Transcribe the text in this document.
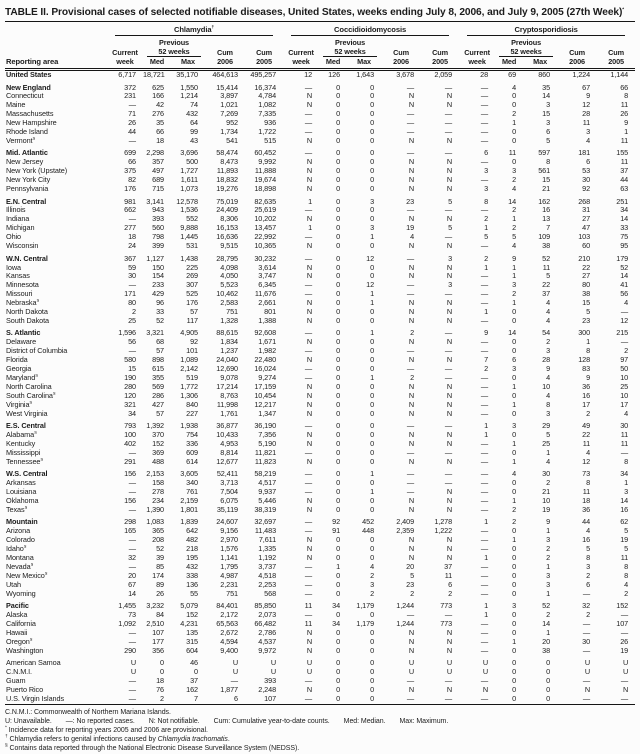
TABLE II. Provisional cases of selected notifiable diseases, United States, weeks ending July 8, 2006, and July 9, 2005 (27th Week)*

	Chlamydia†					Coccidioidomycosis					Cryptosporidiosis				

		Previous					Previous					Previous			
	Current	52 weeks		Cum	Cum	Current	52 weeks		Cum	Cum	Current	52 weeks		Cum	Cum
Reporting area	week	Med	Max	2006	2005	week	Med	Max	2006	2005	week	Med	Max	2006	2005
United States	6,717	18,721	35,170	464,613	495,257	12	126	1,643	3,678	2,059	28	69	860	1,224	1,144

New England	372	625	1,550	15,414	16,374	—	0	0	—	—	—	4	35	67	66
Connecticut	231	166	1,214	3,897	4,784	N	0	0	N	N	—	0	14	9	8
Maine	—	42	74	1,021	1,082	N	0	0	N	N	—	0	3	12	11
Massachusetts	71	276	432	7,269	7,335	—	0	0	—	—	—	2	15	28	26
New Hampshire	26	35	64	952	936	—	0	0	—	—	—	1	3	11	9
Rhode Island	44	66	99	1,734	1,722	—	0	0	—	—	—	0	6	3	1
Vermont§	—	18	43	541	515	N	0	0	N	N	—	0	5	4	11

Mid. Atlantic	699	2,298	3,696	58,474	60,452	—	0	0	—	—	6	11	597	181	155
New Jersey	66	357	500	8,473	9,992	N	0	0	N	N	—	0	8	6	11
New York (Upstate)	375	497	1,727	11,893	11,888	N	0	0	N	N	3	3	561	53	37
New York City	82	689	1,611	18,832	19,674	N	0	0	N	N	—	2	15	30	44
Pennsylvania	176	715	1,073	19,276	18,898	N	0	0	N	N	3	4	21	92	63

E.N. Central	981	3,141	12,578	75,019	82,635	1	0	3	23	5	8	14	162	268	251
Illinois	662	943	1,536	24,409	25,619	—	0	0	—	—	—	2	16	31	34
Indiana	—	393	552	8,306	10,202	N	0	0	N	N	2	1	13	27	14
Michigan	277	560	9,888	16,153	13,457	1	0	3	19	5	1	2	7	47	33
Ohio	18	798	1,445	16,636	22,992	—	0	1	4	—	5	5	109	103	75
Wisconsin	24	399	531	9,515	10,365	N	0	0	N	N	—	4	38	60	95

W.N. Central	367	1,127	1,438	28,795	30,232	—	0	12	—	3	2	9	52	210	179
Iowa	59	150	225	4,098	3,614	N	0	0	N	N	1	1	11	22	52
Kansas	30	154	269	4,050	3,747	N	0	0	N	N	—	1	5	27	14
Minnesota	—	233	307	5,523	6,345	—	0	12	—	3	—	3	22	80	41
Missouri	171	429	525	10,462	11,676	—	0	1	—	—	—	2	37	38	56
Nebraska§	80	96	176	2,583	2,661	N	0	1	N	N	—	1	4	15	4
North Dakota	2	33	57	751	801	N	0	0	N	N	1	0	4	5	—
South Dakota	25	52	117	1,328	1,388	N	0	0	N	N	—	0	4	23	12

S. Atlantic	1,596	3,321	4,905	88,615	92,608	—	0	1	2	—	9	14	54	300	215
Delaware	56	68	92	1,834	1,671	N	0	0	N	N	—	0	2	1	—
District of Columbia	—	57	101	1,237	1,982	—	0	0	—	—	—	0	3	8	2
Florida	580	898	1,089	24,040	22,480	N	0	0	N	N	7	6	28	128	97
Georgia	15	615	2,142	12,690	16,024	—	0	0	—	—	2	3	9	83	50
Maryland§	190	355	519	9,078	9,274	—	0	1	2	—	—	0	4	9	10
North Carolina	280	569	1,772	17,214	17,159	N	0	0	N	N	—	1	10	36	25
South Carolina§	120	286	1,306	8,763	10,454	N	0	0	N	N	—	0	4	16	10
Virginia§	321	427	840	11,998	12,217	N	0	0	N	N	—	1	8	17	17
West Virginia	34	57	227	1,761	1,347	N	0	0	N	N	—	0	3	2	4

E.S. Central	793	1,392	1,938	36,877	36,190	—	0	0	—	—	1	3	29	49	30
Alabama§	100	370	754	10,433	7,356	N	0	0	N	N	1	0	5	22	11
Kentucky	402	152	336	4,953	5,190	N	0	0	N	N	—	1	25	11	11
Mississippi	—	369	609	8,814	11,821	—	0	0	—	—	—	0	1	4	—
Tennessee§	291	488	614	12,677	11,823	N	0	0	N	N	—	1	4	12	8

W.S. Central	156	2,153	3,605	52,411	58,219	—	0	1	—	—	—	4	30	73	34
Arkansas	—	158	340	3,713	4,517	—	0	0	—	—	—	0	2	8	1
Louisiana	—	278	761	7,504	9,937	—	0	1	—	N	—	0	21	11	3
Oklahoma	156	234	2,159	6,075	5,446	N	0	0	N	N	—	1	10	18	14
Texas§	—	1,390	1,801	35,119	38,319	N	0	0	N	N	—	2	19	36	16

Mountain	298	1,083	1,839	24,607	32,697	—	92	452	2,409	1,278	1	2	9	44	62
Arizona	165	365	642	9,156	11,483	—	91	448	2,359	1,222	—	0	1	4	5
Colorado	—	208	482	2,970	7,611	N	0	0	N	N	—	1	3	16	19
Idaho§	—	52	218	1,576	1,335	N	0	0	N	N	—	0	2	5	5
Montana	32	39	195	1,141	1,192	N	0	0	N	N	1	0	2	8	11
Nevada§	—	85	432	1,795	3,737	—	1	4	20	37	—	0	1	3	8
New Mexico§	20	174	338	4,987	4,518	—	0	2	5	11	—	0	3	2	8
Utah	67	89	136	2,231	2,253	—	0	3	23	6	—	0	3	6	4
Wyoming	14	26	55	751	568	—	0	2	2	2	—	0	1	—	2

Pacific	1,455	3,232	5,079	84,401	85,850	11	34	1,179	1,244	773	1	3	52	32	152
Alaska	73	84	152	2,172	2,073	—	0	0	—	—	1	0	2	2	—
California	1,092	2,510	4,231	65,563	66,482	11	34	1,179	1,244	773	—	0	14	—	107
Hawaii	—	107	135	2,672	2,786	N	0	0	N	N	—	0	1	—	—
Oregon§	—	177	315	4,594	4,537	N	0	0	N	N	—	1	20	30	26
Washington	290	356	604	9,400	9,972	N	0	0	N	N	—	0	38	—	19

American Samoa	U	0	46	U	U	U	0	0	U	U	U	0	0	U	U
C.N.M.I.	U	0	0	U	U	U	0	0	U	U	U	0	0	U	U
Guam	—	18	37	—	393	—	0	0	—	—	—	0	0	—	—
Puerto Rico	—	76	162	1,877	2,248	N	0	0	N	N	N	0	0	N	N
U.S. Virgin Islands	—	2	7	6	107	—	0	0	—	—	—	0	0	—	—
C.N.M.I.: Commonwealth of Northern Mariana Islands.
U: Unavailable. —: No reported cases. N: Not notifiable. Cum: Cumulative year-to-date counts. Med: Median. Max: Maximum.
* Incidence data for reporting years 2005 and 2006 are provisional.
† Chlamydia refers to genital infections caused by Chlamydia trachomatis.
§ Contains data reported through the National Electronic Disease Surveillance System (NEDSS).
